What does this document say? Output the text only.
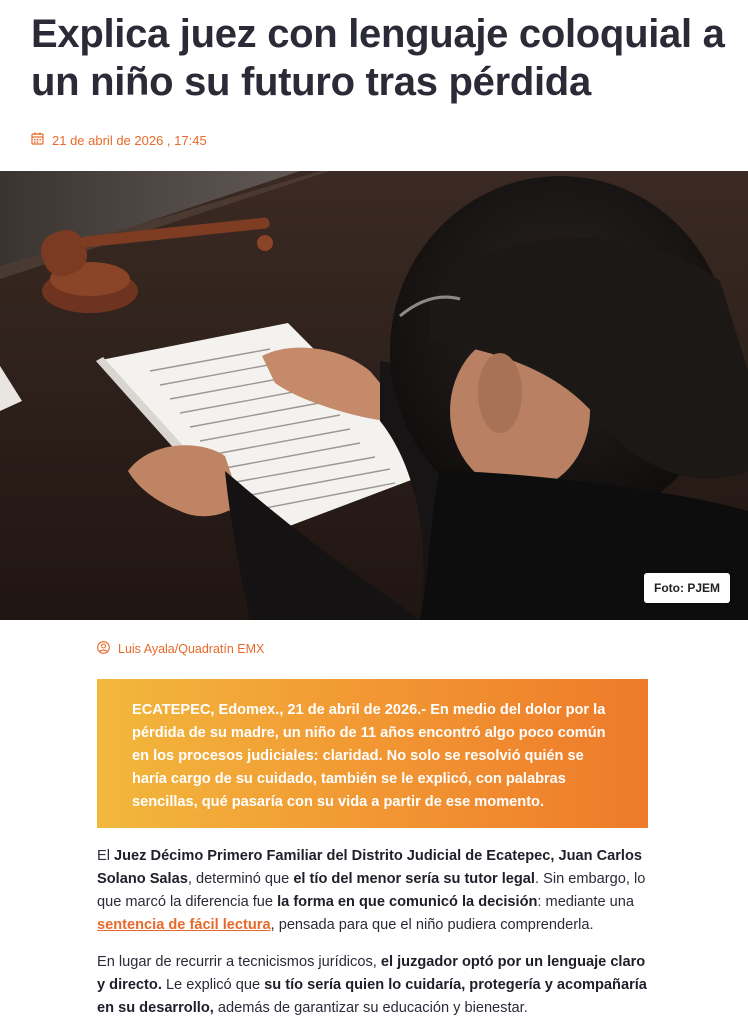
Explica juez con lenguaje coloquial a un niño su futuro tras pérdida
21 de abril de 2026 , 17:45
Foto: PJEM
Luis Ayala/Quadratín EMX
ECATEPEC, Edomex., 21 de abril de 2026.- En medio del dolor por la pérdida de su madre, un niño de 11 años encontró algo poco común en los procesos judiciales: claridad. No solo se resolvió quién se haría cargo de su cuidado, también se le explicó, con palabras sencillas, qué pasaría con su vida a partir de ese momento.

El Juez Décimo Primero Familiar del Distrito Judicial de Ecatepec, Juan Carlos Solano Salas, determinó que el tío del menor sería su tutor legal. Sin embargo, lo que marcó la diferencia fue la forma en que comunicó la decisión: mediante una sentencia de fácil lectura, pensada para que el niño pudiera comprenderla.

En lugar de recurrir a tecnicismos jurídicos, el juzgador optó por un lenguaje claro y directo. Le explicó que su tío sería quien lo cuidaría, protegería y acompañaría en su desarrollo, además de garantizar su educación y bienestar.
